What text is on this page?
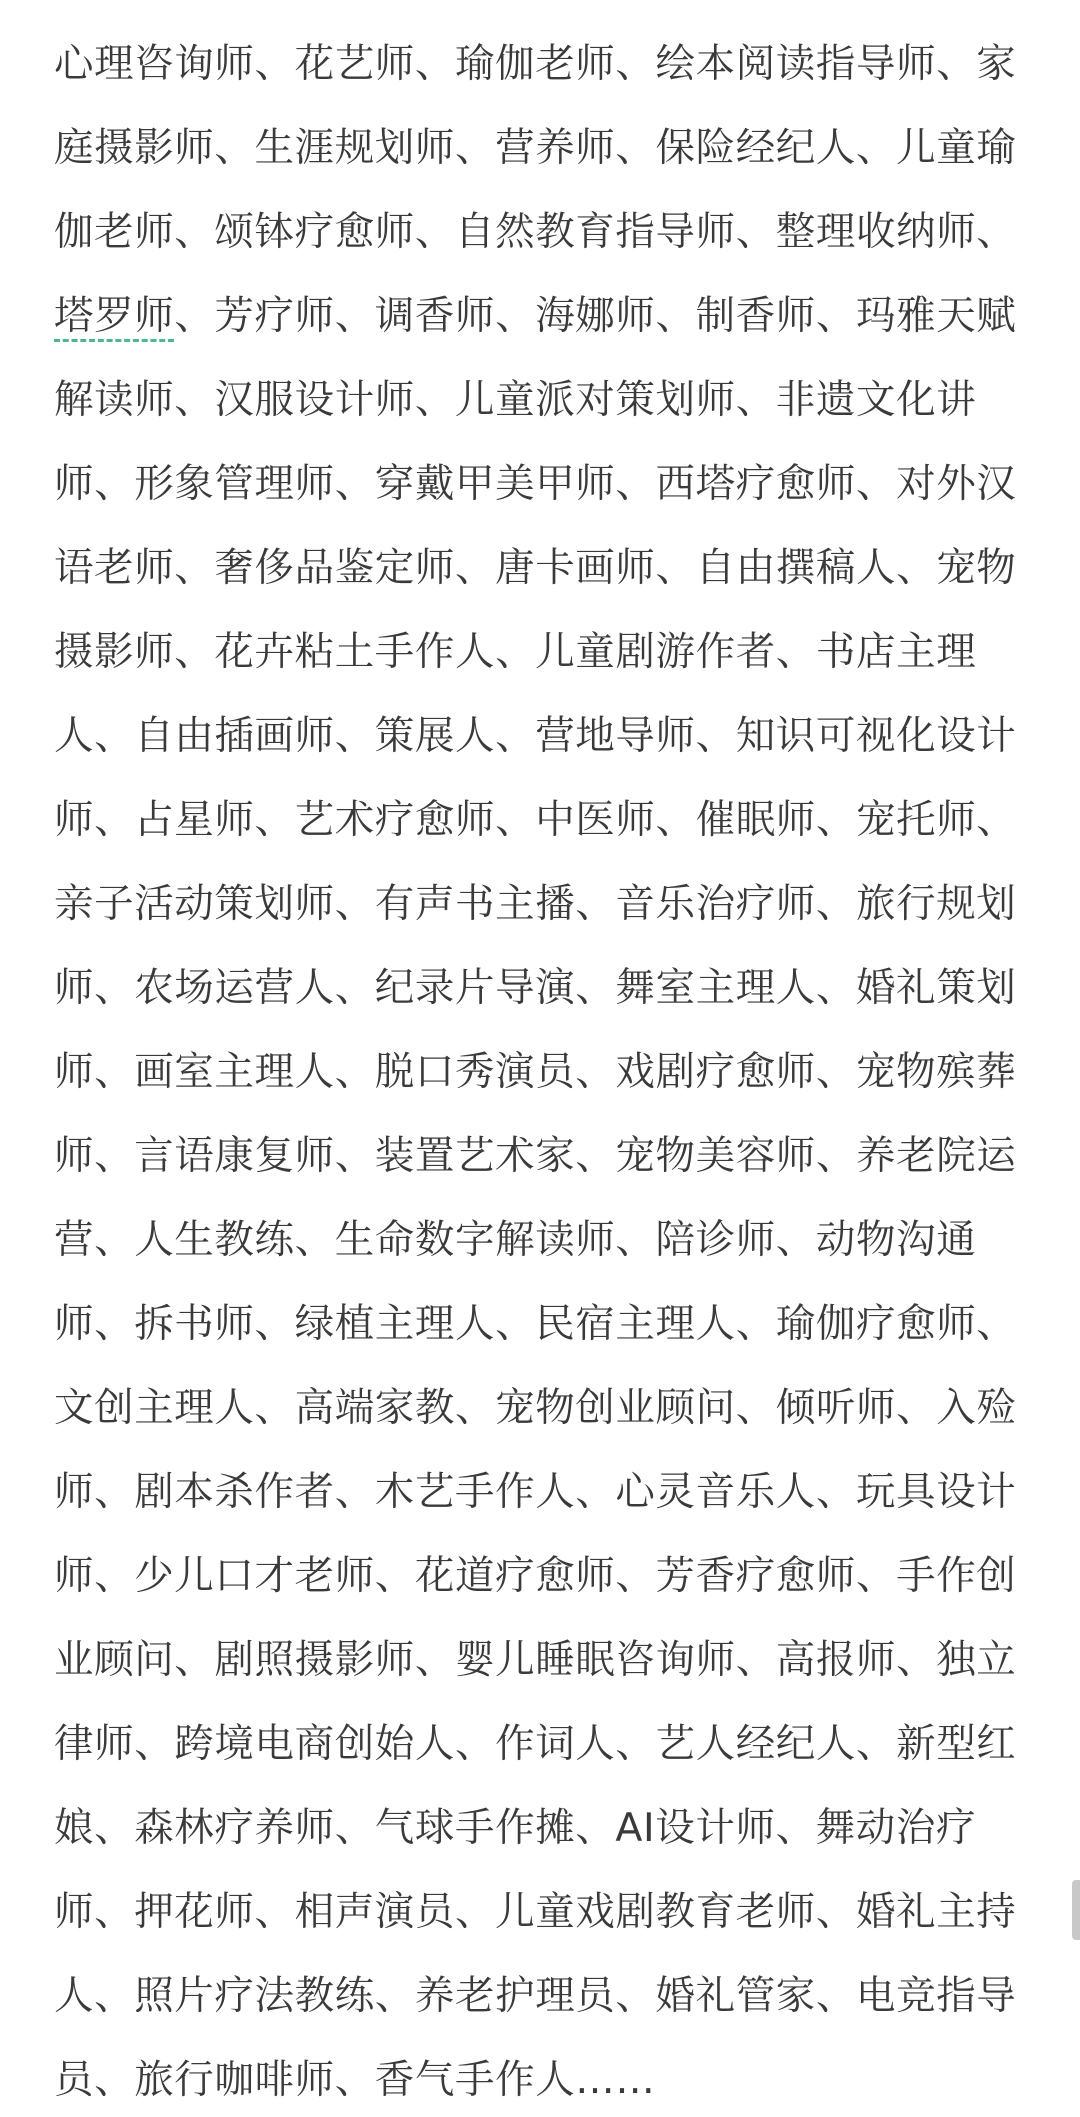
心理咨询师、花艺师、瑜伽老师、绘本阅读指导师、家
庭摄影师、生涯规划师、营养师、保险经纪人、儿童瑜
伽老师、颂钵疗愈师、自然教育指导师、整理收纳师、
塔罗师、芳疗师、调香师、海娜师、制香师、玛雅天赋
解读师、汉服设计师、儿童派对策划师、非遗文化讲
师、形象管理师、穿戴甲美甲师、西塔疗愈师、对外汉
语老师、奢侈品鉴定师、唐卡画师、自由撰稿人、宠物
摄影师、花卉粘土手作人、儿童剧游作者、书店主理
人、自由插画师、策展人、营地导师、知识可视化设计
师、占星师、艺术疗愈师、中医师、催眠师、宠托师、
亲子活动策划师、有声书主播、音乐治疗师、旅行规划
师、农场运营人、纪录片导演、舞室主理人、婚礼策划
师、画室主理人、脱口秀演员、戏剧疗愈师、宠物殡葬
师、言语康复师、装置艺术家、宠物美容师、养老院运
营、人生教练、生命数字解读师、陪诊师、动物沟通
师、拆书师、绿植主理人、民宿主理人、瑜伽疗愈师、
文创主理人、高端家教、宠物创业顾问、倾听师、入殓
师、剧本杀作者、木艺手作人、心灵音乐人、玩具设计
师、少儿口才老师、花道疗愈师、芳香疗愈师、手作创
业顾问、剧照摄影师、婴儿睡眠咨询师、高报师、独立
律师、跨境电商创始人、作词人、艺人经纪人、新型红
娘、森林疗养师、气球手作摊、AI设计师、舞动治疗
师、押花师、相声演员、儿童戏剧教育老师、婚礼主持
人、照片疗法教练、养老护理员、婚礼管家、电竞指导
员、旅行咖啡师、香气手作人……
